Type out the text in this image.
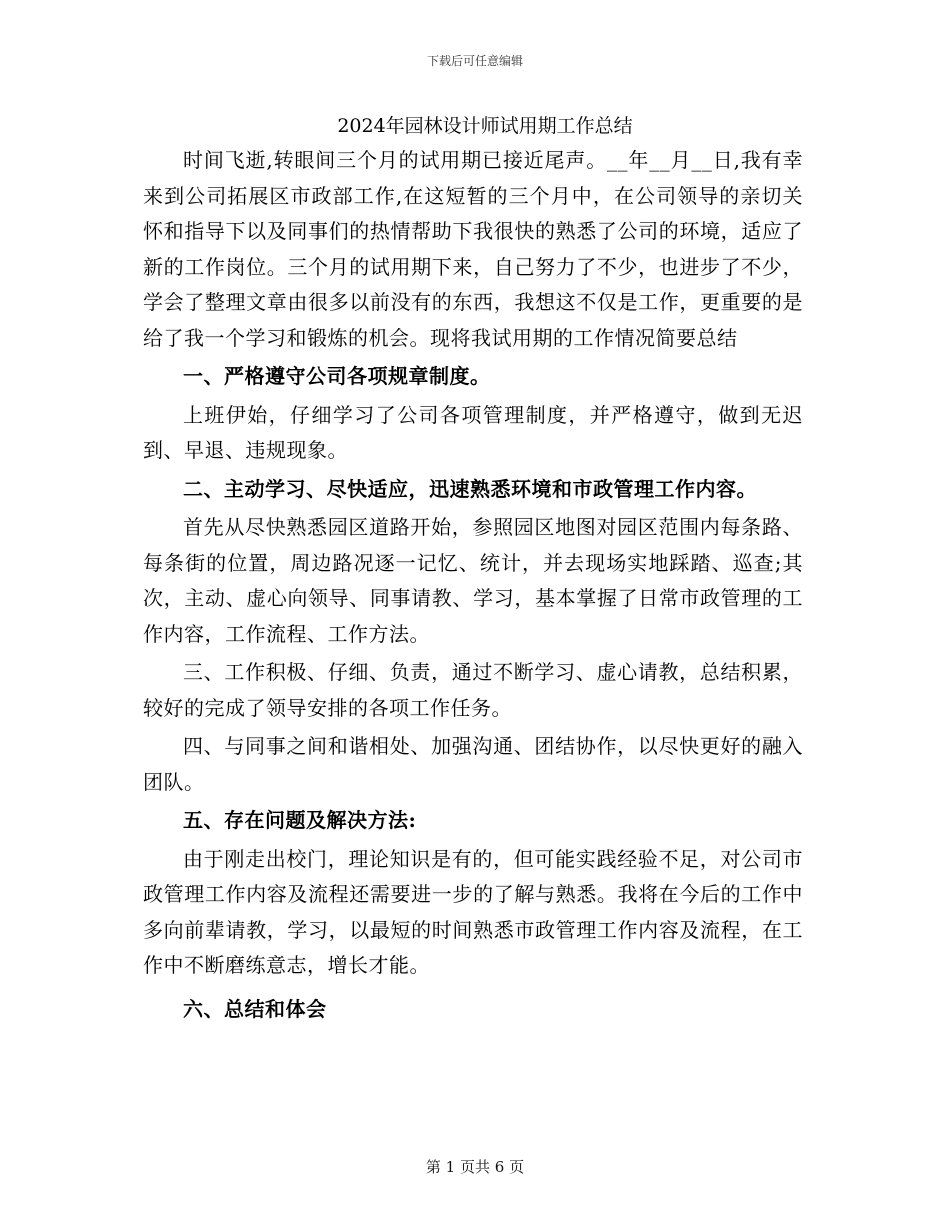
下载后可任意编辑
2024年园林设计师试用期工作总结

时间飞逝,转眼间三个月的试用期已接近尾声。__年__月__日,我有幸来到公司拓展区市政部工作,在这短暂的三个月中，在公司领导的亲切关怀和指导下以及同事们的热情帮助下我很快的熟悉了公司的环境，适应了新的工作岗位。三个月的试用期下来，自己努力了不少，也进步了不少，学会了整理文章由很多以前没有的东西，我想这不仅是工作，更重要的是给了我一个学习和锻炼的机会。现将我试用期的工作情况简要总结

一、严格遵守公司各项规章制度。

上班伊始，仔细学习了公司各项管理制度，并严格遵守，做到无迟到、早退、违规现象。

二、主动学习、尽快适应，迅速熟悉环境和市政管理工作内容。

首先从尽快熟悉园区道路开始，参照园区地图对园区范围内每条路、每条街的位置，周边路况逐一记忆、统计，并去现场实地踩踏、巡查;其次，主动、虚心向领导、同事请教、学习，基本掌握了日常市政管理的工作内容，工作流程、工作方法。

三、工作积极、仔细、负责，通过不断学习、虚心请教，总结积累，较好的完成了领导安排的各项工作任务。

四、与同事之间和谐相处、加强沟通、团结协作，以尽快更好的融入团队。

五、存在问题及解决方法:

由于刚走出校门，理论知识是有的，但可能实践经验不足，对公司市政管理工作内容及流程还需要进一步的了解与熟悉。我将在今后的工作中多向前辈请教，学习，以最短的时间熟悉市政管理工作内容及流程，在工作中不断磨练意志，增长才能。

六、总结和体会

第 1 页共 6 页
